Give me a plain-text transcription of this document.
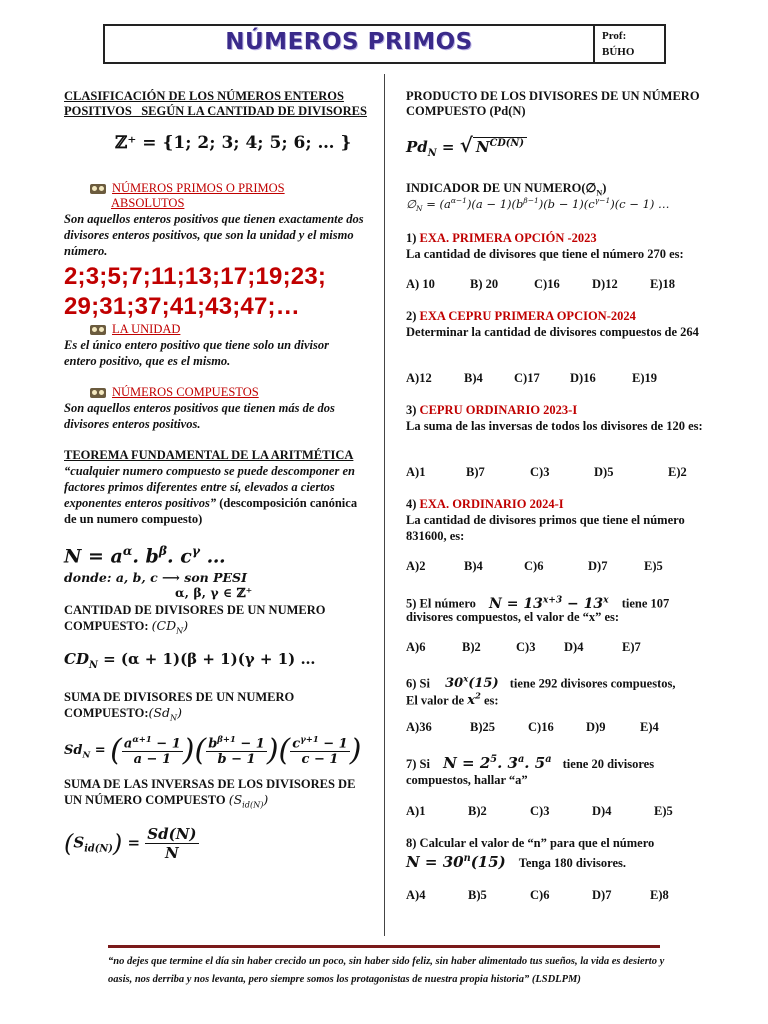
NÚMEROS PRIMOS	Prof:
BÚHO
CLASIFICACIÓN DE LOS NÚMEROS ENTEROS
POSITIVOS   SEGÚN LA CANTIDAD DE DIVISORES
ℤ⁺ = {1; 2; 3; 4; 5; 6; … }
NÚMEROS PRIMOS O PRIMOS
ABSOLUTOS
Son aquellos enteros positivos que tienen exactamente dos divisores enteros positivos, que son la unidad y el mismo número.
2;3;5;7;11;13;17;19;23;
29;31;37;41;43;47;…
LA UNIDAD
Es el único entero positivo que tiene solo un divisor entero positivo, que es el mismo.
NÚMEROS COMPUESTOS
Son aquellos enteros positivos que tienen más de dos divisores enteros positivos.
TEOREMA FUNDAMENTAL DE LA ARITMÉTICA
“cualquier numero compuesto se puede descomponer en factores primos diferentes entre sí, elevados a ciertos exponentes enteros positivos” (descomposición canónica de un numero compuesto)
$N = a^\alpha$. $b^\beta$. $c^\gamma$ …
donde: a, b, c ⟶ son PESI
α, β, γ ∈ ℤ⁺
CANTIDAD DE DIVISORES DE UN NUMERO
COMPUESTO: $(CD_N)$
$CD_N = (\alpha + 1)(\beta + 1)(\gamma + 1)$ …
SUMA DE DIVISORES DE UN NUMERO
$COMPUESTO:(Sd_N)$
$Sd_N$ = ( $\frac{a^{\alpha+1} - 1}{a - 1}$ )( $\frac{b^{\beta+1} - 1}{b - 1}$ )( $\frac{c^{\gamma+1} - 1}{c - 1}$ )
SUMA DE LAS INVERSAS DE LOS DIVISORES DE
UN NÚMERO COMPUESTO $(S_{id(N)})$
$(S_{id(N)}) = \frac{Sd(N)}{N}$
PRODUCTO DE LOS DIVISORES DE UN NÚMERO
COMPUESTO (Pd(N)
$Pd_N$ = √ $N^{CD(N)}$
INDICADOR DE UN $NUMERO(\emptyset_N)$
$\emptyset_N = (a^{\alpha-1})(a - 1)(b^{\beta-1})(b - 1)(c^{\gamma-1})(c - 1)$ …
1) EXA. PRIMERA OPCIÓN -2023
La cantidad de divisores que tiene el número 270 es:
A) 10	B) 20	C)16	D)12	E)18
2) EXA CEPRU PRIMERA OPCION-2024
Determinar la cantidad de divisores compuestos de 264
A)12	B)4	C)17 D)16	E)19
3) CEPRU ORDINARIO 2023-I
La suma de las inversas de todos los divisores de 120 es:
A)1	B)7	C)3	D)5	E)2
4) EXA. ORDINARIO 2024-I
La cantidad de divisores primos que tiene el número 831600, es:
A)2	B)4	C)6	D)7	E)5
5) El número $N = 13^{x+3} - 13^x$ tiene 107
divisores compuestos, el valor de “x” es:
A)6	B)2	C)3 D)4	E)7
6) Si 30$^x$(15) tiene 292 divisores compuestos,
El valor de $x^2$ es:
A)36	B)25	C)16	D)9	E)4
7) Si $N = 2^5$. 3$^a$. 5$^a$ tiene 20 divisores
compuestos, hallar “a”
A)1	B)2	C)3	D)4	E)5
8) Calcular el valor de “n” para que el número
$N = 30^n(15)$ Tenga 180 divisores.
A)4	B)5	C)6	D)7	E)8
“no dejes que termine el día sin haber crecido un poco, sin haber sido feliz, sin haber alimentado tus sueños, la vida es desierto y oasis, nos derriba y nos levanta, pero siempre somos los protagonistas de nuestra propia historia” (LSDLPM)
